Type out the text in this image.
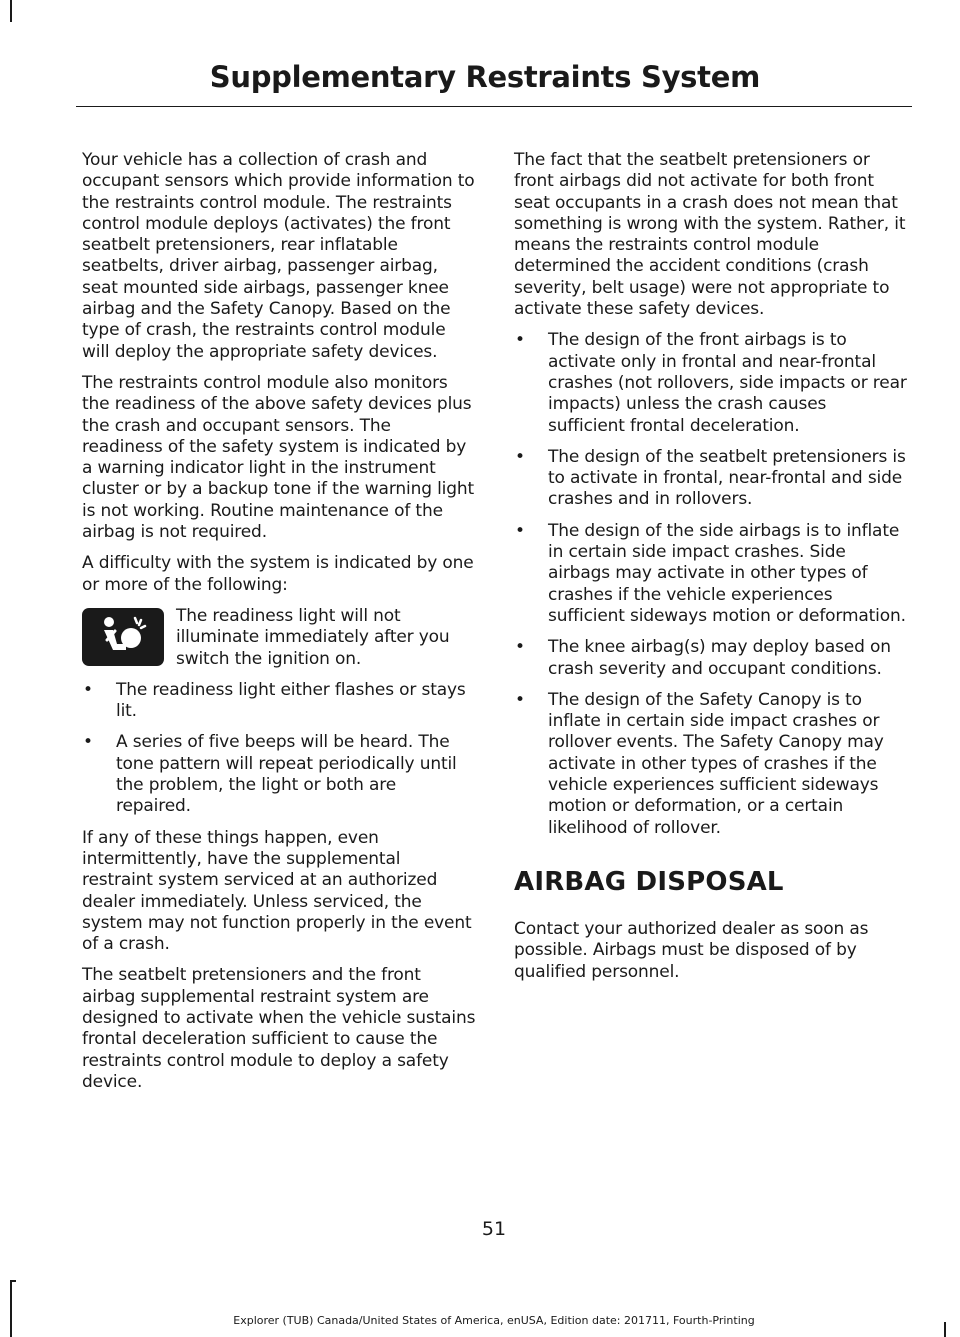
Supplementary Restraints System

Your vehicle has a collection of crash and occupant sensors which provide information to the restraints control module. The restraints control module deploys (activates) the front seatbelt pretensioners, rear inflatable seatbelts, driver airbag, passenger airbag, seat mounted side airbags, passenger knee airbag and the Safety Canopy. Based on the type of crash, the restraints control module will deploy the appropriate safety devices.

The restraints control module also monitors the readiness of the above safety devices plus the crash and occupant sensors. The readiness of the safety system is indicated by a warning indicator light in the instrument cluster or by a backup tone if the warning light is not working. Routine maintenance of the airbag is not required.

A difficulty with the system is indicated by one or more of the following:

The readiness light will not illuminate immediately after you switch the ignition on.
• The readiness light either flashes or stays lit.
• A series of five beeps will be heard. The tone pattern will repeat periodically until the problem, the light or both are repaired.

If any of these things happen, even intermittently, have the supplemental restraint system serviced at an authorized dealer immediately. Unless serviced, the system may not function properly in the event of a crash.

The seatbelt pretensioners and the front airbag supplemental restraint system are designed to activate when the vehicle sustains frontal deceleration sufficient to cause the restraints control module to deploy a safety device.

The fact that the seatbelt pretensioners or front airbags did not activate for both front seat occupants in a crash does not mean that something is wrong with the system. Rather, it means the restraints control module determined the accident conditions (crash severity, belt usage) were not appropriate to activate these safety devices.

• The design of the front airbags is to activate only in frontal and near-frontal crashes (not rollovers, side impacts or rear impacts) unless the crash causes sufficient frontal deceleration.
• The design of the seatbelt pretensioners is to activate in frontal, near-frontal and side crashes and in rollovers.
• The design of the side airbags is to inflate in certain side impact crashes. Side airbags may activate in other types of crashes if the vehicle experiences sufficient sideways motion or deformation.
• The knee airbag(s) may deploy based on crash severity and occupant conditions.
• The design of the Safety Canopy is to inflate in certain side impact crashes or rollover events. The Safety Canopy may activate in other types of crashes if the vehicle experiences sufficient sideways motion or deformation, or a certain likelihood of rollover.
AIRBAG DISPOSAL

Contact your authorized dealer as soon as possible. Airbags must be disposed of by qualified personnel.

51
Explorer (TUB) Canada/United States of America, enUSA, Edition date: 201711, Fourth-Printing
